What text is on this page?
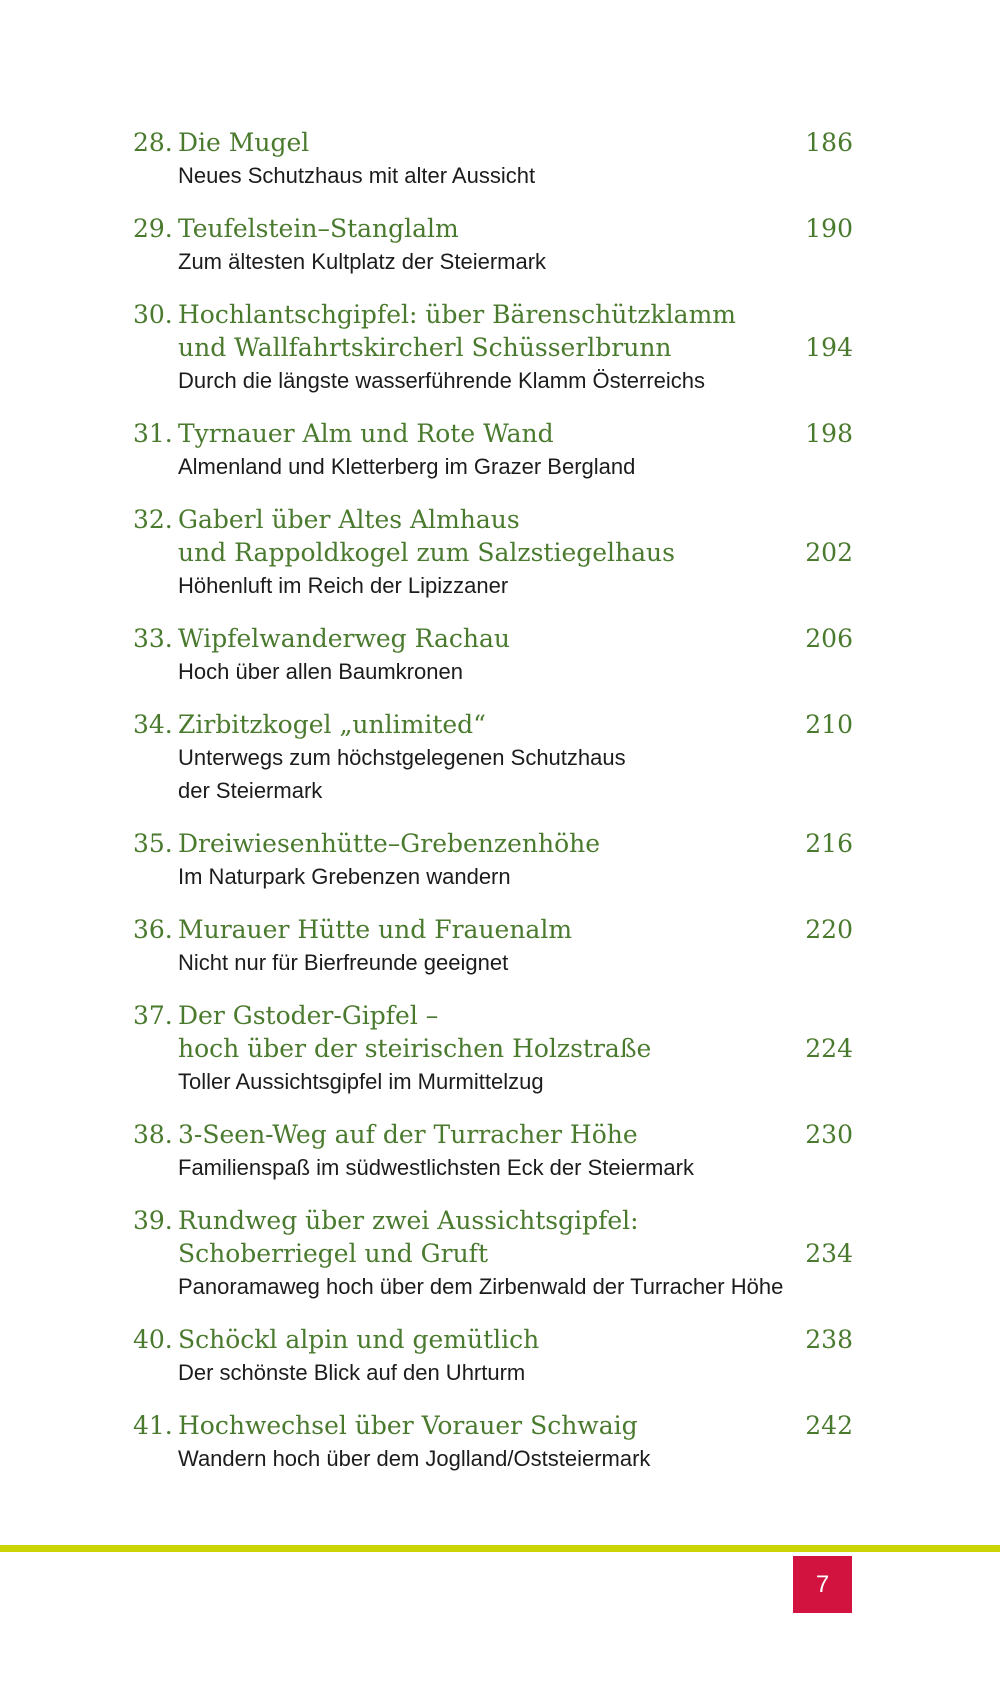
28. Die Mugel	186
Neues Schutzhaus mit alter Aussicht
29. Teufelstein–Stanglalm	190
Zum ältesten Kultplatz der Steiermark
30. Hochlantschgipfel: über Bärenschützklamm
und Wallfahrtskircherl Schüsserlbrunn	194
Durch die längste wasserführende Klamm Österreichs
31. Tyrnauer Alm und Rote Wand	198
Almenland und Kletterberg im Grazer Bergland
32. Gaberl über Altes Almhaus
und Rappoldkogel zum Salzstiegelhaus	202
Höhenluft im Reich der Lipizzaner
33. Wipfelwanderweg Rachau	206
Hoch über allen Baumkronen
34. Zirbitzkogel „unlimited“	210
Unterwegs zum höchstgelegenen Schutzhaus
der Steiermark
35. Dreiwiesenhütte–Grebenzenhöhe	216
Im Naturpark Grebenzen wandern
36. Murauer Hütte und Frauenalm	220
Nicht nur für Bierfreunde geeignet
37. Der Gstoder-Gipfel –
hoch über der steirischen Holzstraße	224
Toller Aussichtsgipfel im Murmittelzug
38. 3-Seen-Weg auf der Turracher Höhe	230
Familienspaß im südwestlichsten Eck der Steiermark
39. Rundweg über zwei Aussichtsgipfel:
Schoberriegel und Gruft	234
Panoramaweg hoch über dem Zirbenwald der Turracher Höhe
40. Schöckl alpin und gemütlich	238
Der schönste Blick auf den Uhrturm
41. Hochwechsel über Vorauer Schwaig	242
Wandern hoch über dem Joglland/Oststeiermark
7
